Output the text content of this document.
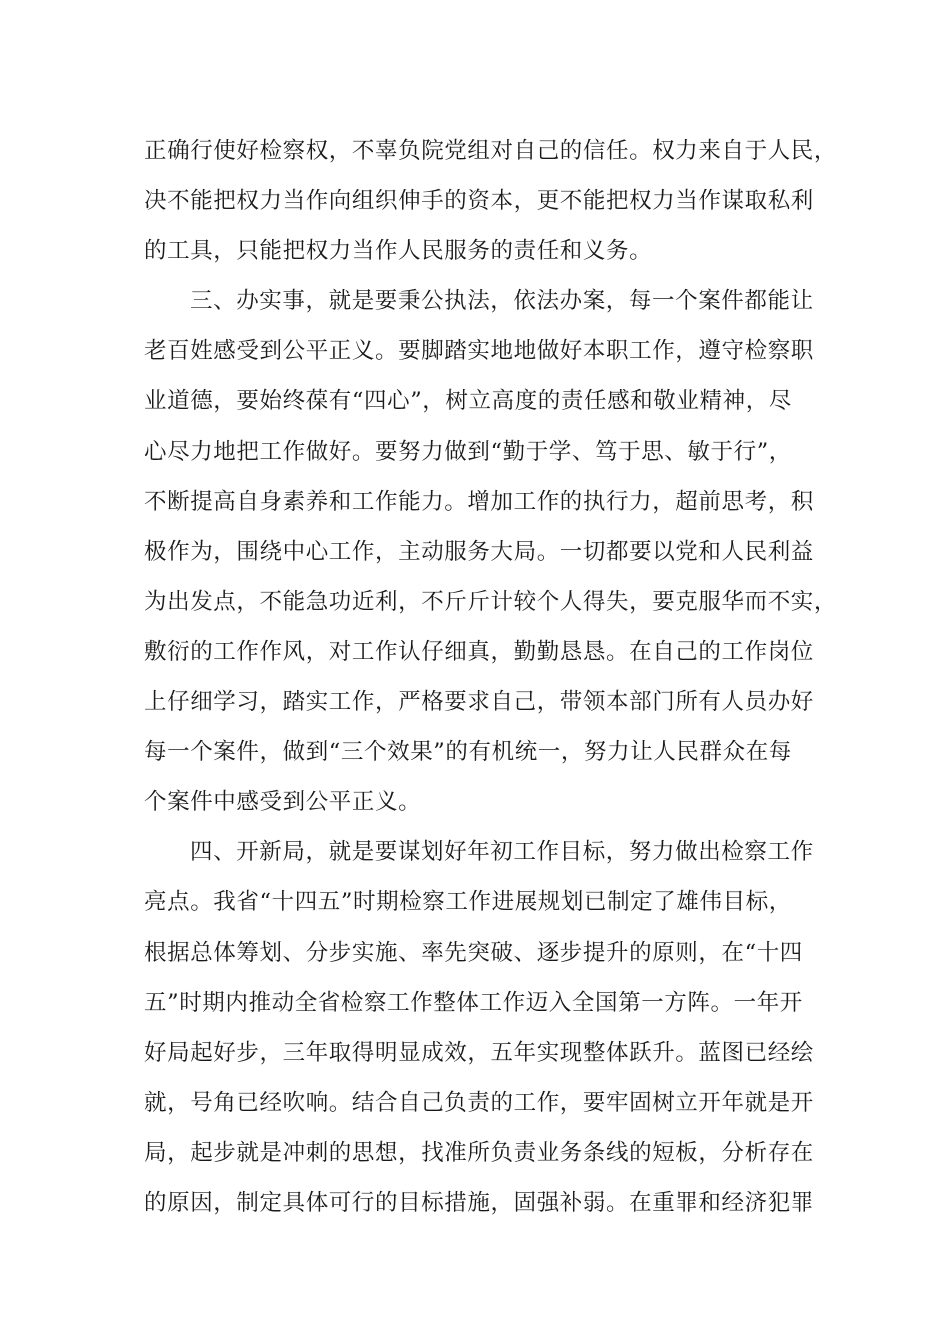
正确行使好检察权，不辜负院党组对自己的信任。权力来自于人民，
决不能把权力当作向组织伸手的资本，更不能把权力当作谋取私利
的工具，只能把权力当作人民服务的责任和义务。
三、办实事，就是要秉公执法，依法办案，每一个案件都能让
老百姓感受到公平正义。要脚踏实地地做好本职工作，遵守检察职
业道德，要始终葆有“四心”，树立高度的责任感和敬业精神，尽
心尽力地把工作做好。要努力做到“勤于学、笃于思、敏于行”，
不断提高自身素养和工作能力。增加工作的执行力，超前思考，积
极作为，围绕中心工作，主动服务大局。一切都要以党和人民利益
为出发点，不能急功近利，不斤斤计较个人得失，要克服华而不实，
敷衍的工作作风，对工作认仔细真，勤勤恳恳。在自己的工作岗位
上仔细学习，踏实工作，严格要求自己，带领本部门所有人员办好
每一个案件，做到“三个效果”的有机统一，努力让人民群众在每
个案件中感受到公平正义。
四、开新局，就是要谋划好年初工作目标，努力做出检察工作
亮点。我省“十四五”时期检察工作进展规划已制定了雄伟目标，
根据总体筹划、分步实施、率先突破、逐步提升的原则，在“十四
五”时期内推动全省检察工作整体工作迈入全国第一方阵。一年开
好局起好步，三年取得明显成效，五年实现整体跃升。蓝图已经绘
就，号角已经吹响。结合自己负责的工作，要牢固树立开年就是开
局，起步就是冲刺的思想，找准所负责业务条线的短板，分析存在
的原因，制定具体可行的目标措施，固强补弱。在重罪和经济犯罪
